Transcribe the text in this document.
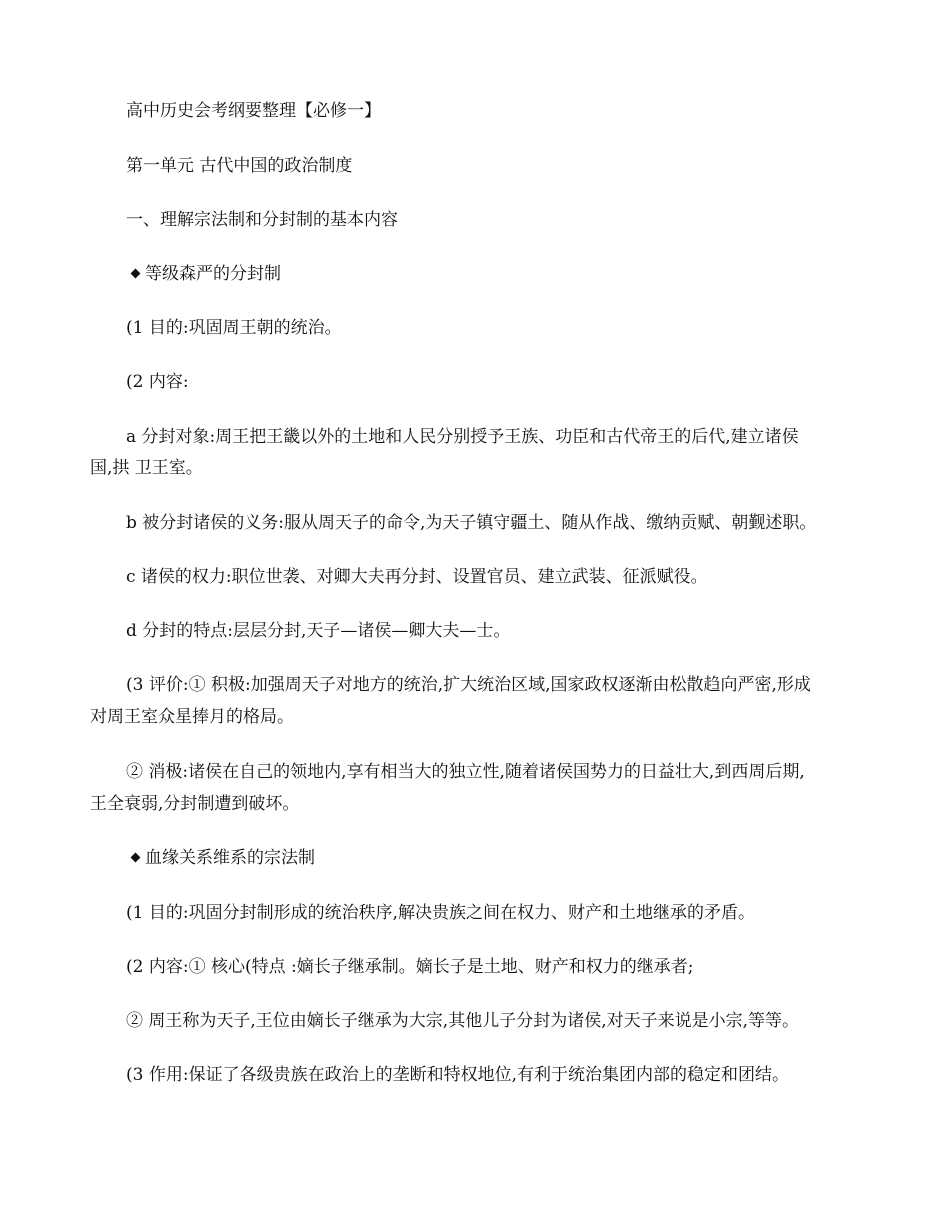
高中历史会考纲要整理【必修一】
第一单元 古代中国的政治制度
一、理解宗法制和分封制的基本内容
等级森严的分封制
(1 目的:巩固周王朝的统治。
(2 内容:
a 分封对象:周王把王畿以外的土地和人民分别授予王族、功臣和古代帝王的后代,建立诸侯
国,拱 卫王室。
b 被分封诸侯的义务:服从周天子的命令,为天子镇守疆土、随从作战、缴纳贡赋、朝觐述职。
c 诸侯的权力:职位世袭、对卿大夫再分封、设置官员、建立武装、征派赋役。
d 分封的特点:层层分封,天子—诸侯—卿大夫—士。
(3 评价:① 积极:加强周天子对地方的统治,扩大统治区域,国家政权逐渐由松散趋向严密,形成
对周王室众星捧月的格局。
② 消极:诸侯在自己的领地内,享有相当大的独立性,随着诸侯国势力的日益壮大,到西周后期,
王全衰弱,分封制遭到破坏。
血缘关系维系的宗法制
(1 目的:巩固分封制形成的统治秩序,解决贵族之间在权力、财产和土地继承的矛盾。
(2 内容:① 核心(特点 :嫡长子继承制。嫡长子是土地、财产和权力的继承者;
② 周王称为天子,王位由嫡长子继承为大宗,其他儿子分封为诸侯,对天子来说是小宗,等等。
(3 作用:保证了各级贵族在政治上的垄断和特权地位,有利于统治集团内部的稳定和团结。
